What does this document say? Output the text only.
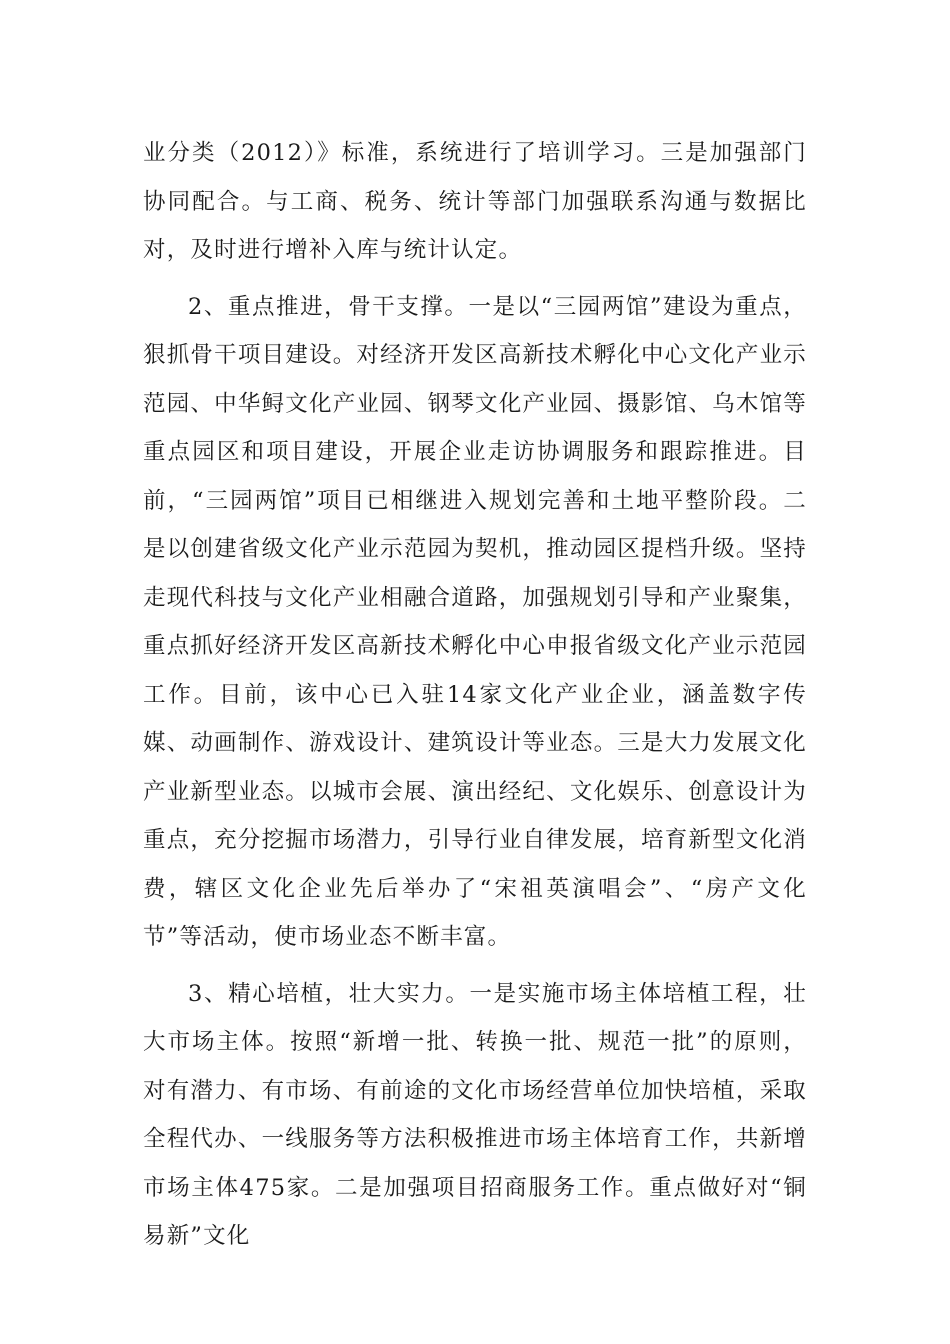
业分类（2012）》标准，系统进行了培训学习。三是加强部门协同配合。与工商、税务、统计等部门加强联系沟通与数据比对，及时进行增补入库与统计认定。

2、重点推进，骨干支撑。一是以“三园两馆”建设为重点，狠抓骨干项目建设。对经济开发区高新技术孵化中心文化产业示范园、中华鲟文化产业园、钢琴文化产业园、摄影馆、乌木馆等重点园区和项目建设，开展企业走访协调服务和跟踪推进。目前，“三园两馆”项目已相继进入规划完善和土地平整阶段。二是以创建省级文化产业示范园为契机，推动园区提档升级。坚持走现代科技与文化产业相融合道路，加强规划引导和产业聚集，重点抓好经济开发区高新技术孵化中心申报省级文化产业示范园工作。目前，该中心已入驻14家文化产业企业，涵盖数字传媒、动画制作、游戏设计、建筑设计等业态。三是大力发展文化产业新型业态。以城市会展、演出经纪、文化娱乐、创意设计为重点，充分挖掘市场潜力，引导行业自律发展，培育新型文化消费，辖区文化企业先后举办了“宋祖英演唱会”、“房产文化节”等活动，使市场业态不断丰富。

3、精心培植，壮大实力。一是实施市场主体培植工程，壮大市场主体。按照“新增一批、转换一批、规范一批”的原则，对有潜力、有市场、有前途的文化市场经营单位加快培植，采取全程代办、一线服务等方法积极推进市场主体培育工作，共新增市场主体475家。二是加强项目招商服务工作。重点做好对“铜易新”文化
